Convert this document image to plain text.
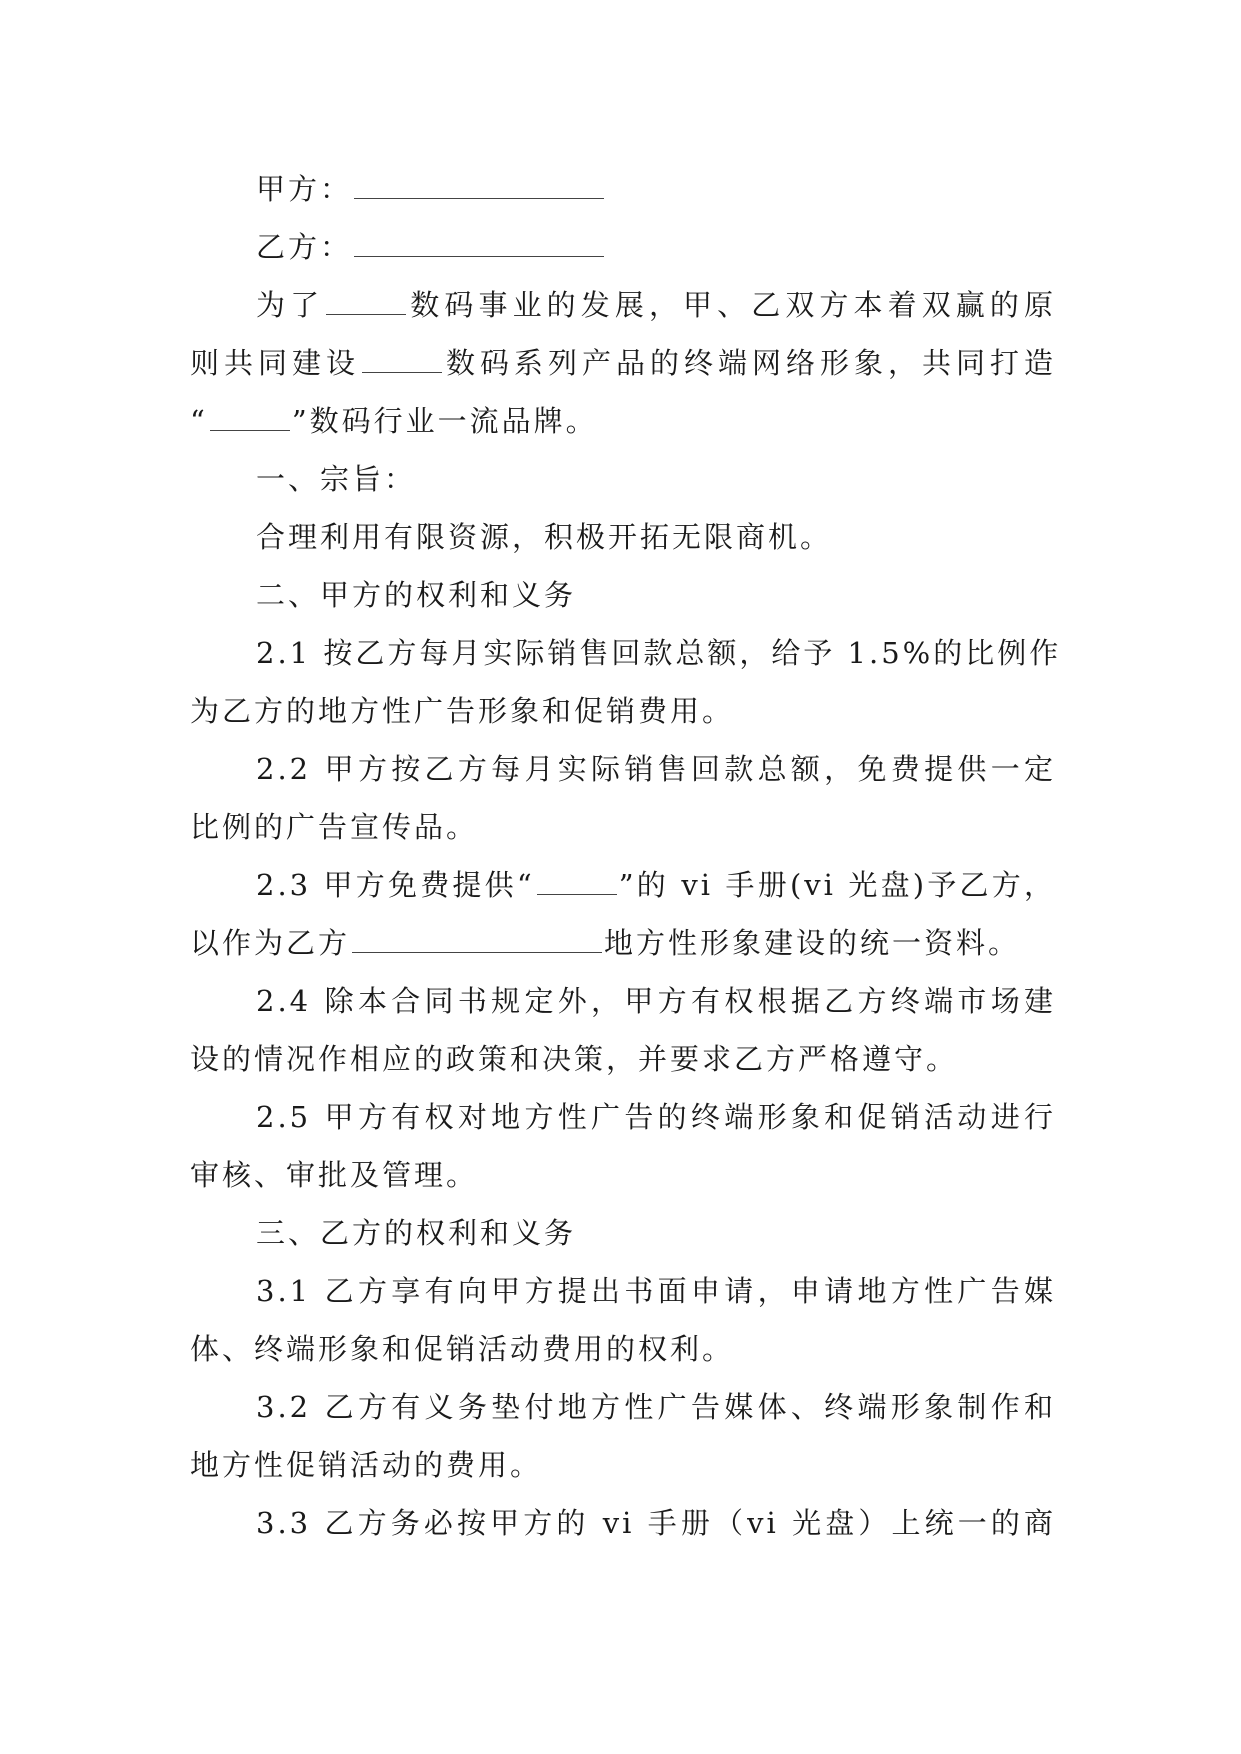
甲方：
乙方：
为了	数码事业的发展，甲、乙双方本着双赢的原
则共同建设	数码系列产品的终端网络形象，共同打造
“	”数码行业一流品牌。
一、宗旨：
合理利用有限资源，积极开拓无限商机。
二、甲方的权利和义务
2.1 按乙方每月实际销售回款总额，给予 1.5%的比例作
为乙方的地方性广告形象和促销费用。
2.2 甲方按乙方每月实际销售回款总额，免费提供一定
比例的广告宣传品。
2.3 甲方免费提供“	”的 vi 手册(vi 光盘)予乙方，
以作为乙方	地方性形象建设的统一资料。
2.4 除本合同书规定外，甲方有权根据乙方终端市场建
设的情况作相应的政策和决策，并要求乙方严格遵守。
2.5 甲方有权对地方性广告的终端形象和促销活动进行
审核、审批及管理。
三、乙方的权利和义务
3.1 乙方享有向甲方提出书面申请，申请地方性广告媒
体、终端形象和促销活动费用的权利。
3.2 乙方有义务垫付地方性广告媒体、终端形象制作和
地方性促销活动的费用。
3.3 乙方务必按甲方的 vi 手册（vi 光盘）上统一的商
